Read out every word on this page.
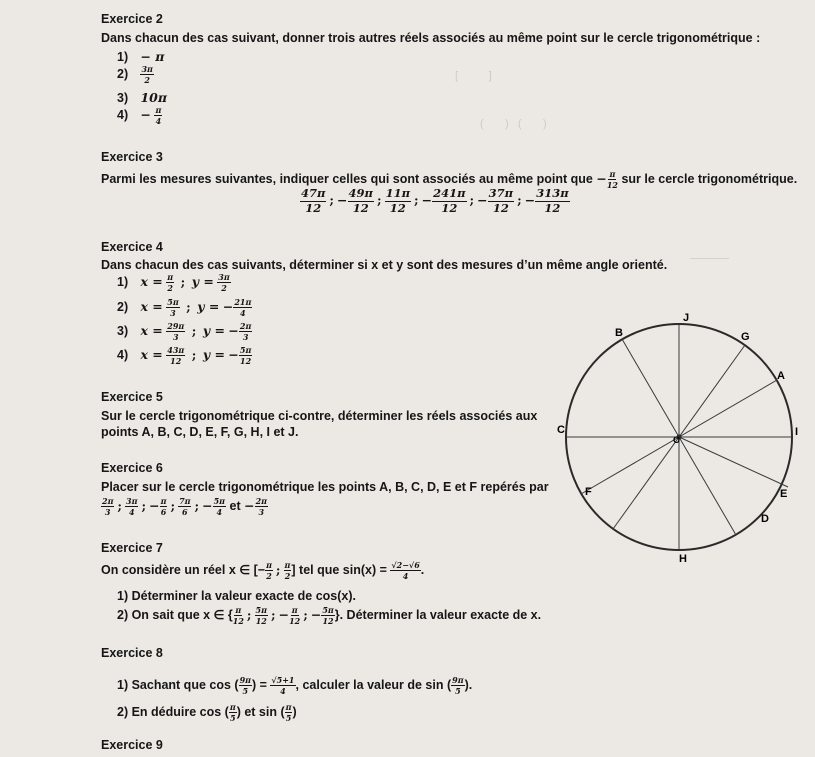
[          ]
(       )   (       )
─────
Exercice 2
Dans chacun des cas suivant, donner trois autres réels associés au même point sur le cercle trigonométrique :
1) − π
$2) \frac{3\pi}{2}$
3) 10π
$4) - \frac{\pi}{4}$
Exercice 3
Parmi les mesures suivantes, indiquer celles qui sont associés au même point que − $\frac{\pi}{12}$ sur le cercle trigonométrique.
$\frac{47\pi}{12}$ ; − $\frac{49\pi}{12}$ ; $\frac{11\pi}{12}$ ; − $\frac{241\pi}{12}$ ; − $\frac{37\pi}{12}$ ; − $\frac{313\pi}{12}$
Exercice 4
Dans chacun des cas suivants, déterminer si x et y sont des mesures d’un même angle orienté.
1) $x = \frac{\pi}{2}$ ; $y = \frac{3\pi}{2}$
2) $x = \frac{5\pi}{3}$ ; y = − $\frac{21\pi}{4}$
3) $x = \frac{29\pi}{3}$ ; y = − $\frac{2\pi}{3}$
4) $x = \frac{43\pi}{12}$ ; y = − $\frac{5\pi}{12}$
Exercice 5
Sur le cercle trigonométrique ci-contre, déterminer les réels associés aux
points A, B, C, D, E, F, G, H, I et J.
Exercice 6
Placer sur le cercle trigonométrique les points A, B, C, D, E et F repérés par
$\frac{2\pi}{3}$ ; $\frac{3\pi}{4}$ ; − $\frac{\pi}{6}$ ; $\frac{7\pi}{6}$ ; − $\frac{5\pi}{4}$ et − $\frac{2\pi}{3}$
Exercice 7
On considère un réel x ∈ [− $\frac{\pi}{2}$ ; $\frac{\pi}{2}$ ] tel que $\sin(x) = \frac{√2-√6}{4}$ .
1) Déterminer la valeur exacte de cos(x).
2) On sait que x ∈ { $\frac{\pi}{12}$ ; $\frac{5\pi}{12}$ ; − $\frac{\pi}{12}$ ; − $\frac{5\pi}{12}$ }. Déterminer la valeur exacte de x.
Exercice 8
1) Sachant que cos ( $\frac{9\pi}{5}$ ) = $\frac{√5+1}{4}$ , calculer la valeur de sin ( $\frac{9\pi}{5}$ ).
2) En déduire cos ( $\frac{\pi}{5}$ ) et sin ( $\frac{\pi}{5}$ )
Exercice 9
J
B	G
A
C	I
F	E
D
H
O
